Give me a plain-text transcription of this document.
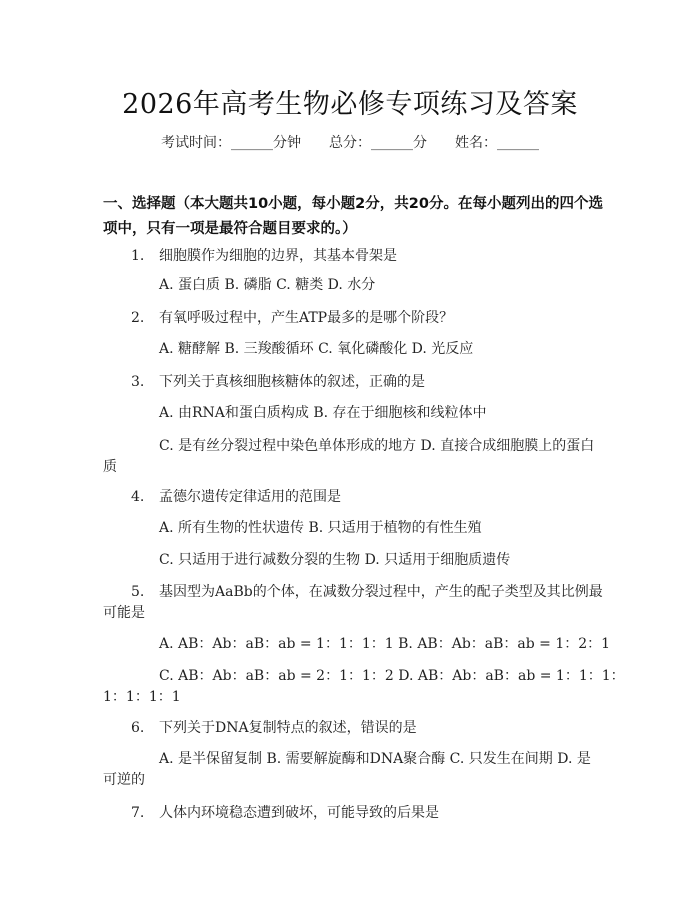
2026年高考生物必修专项练习及答案
考试时间：______分钟 总分：______分 姓名：______
一、选择题（本大题共10小题，每小题2分，共20分。在每小题列出的四个选
项中，只有一项是最符合题目要求的。）
1. 细胞膜作为细胞的边界，其基本骨架是
A. 蛋白质 B. 磷脂 C. 糖类 D. 水分
2. 有氧呼吸过程中，产生ATP最多的是哪个阶段？
A. 糖酵解 B. 三羧酸循环 C. 氧化磷酸化 D. 光反应
3. 下列关于真核细胞核糖体的叙述，正确的是
A. 由RNA和蛋白质构成 B. 存在于细胞核和线粒体中
C. 是有丝分裂过程中染色单体形成的地方 D. 直接合成细胞膜上的蛋白
质
4. 孟德尔遗传定律适用的范围是
A. 所有生物的性状遗传 B. 只适用于植物的有性生殖
C. 只适用于进行减数分裂的生物 D. 只适用于细胞质遗传
5. 基因型为AaBb的个体，在减数分裂过程中，产生的配子类型及其比例最
可能是
A. AB：Ab：aB：ab = 1：1：1：1 B. AB：Ab：aB：ab = 1：2：1
C. AB：Ab：aB：ab = 2：1：1：2 D. AB：Ab：aB：ab = 1：1：1：
1：1：1：1
6. 下列关于DNA复制特点的叙述，错误的是
A. 是半保留复制 B. 需要解旋酶和DNA聚合酶 C. 只发生在间期 D. 是
可逆的
7. 人体内环境稳态遭到破坏，可能导致的后果是
